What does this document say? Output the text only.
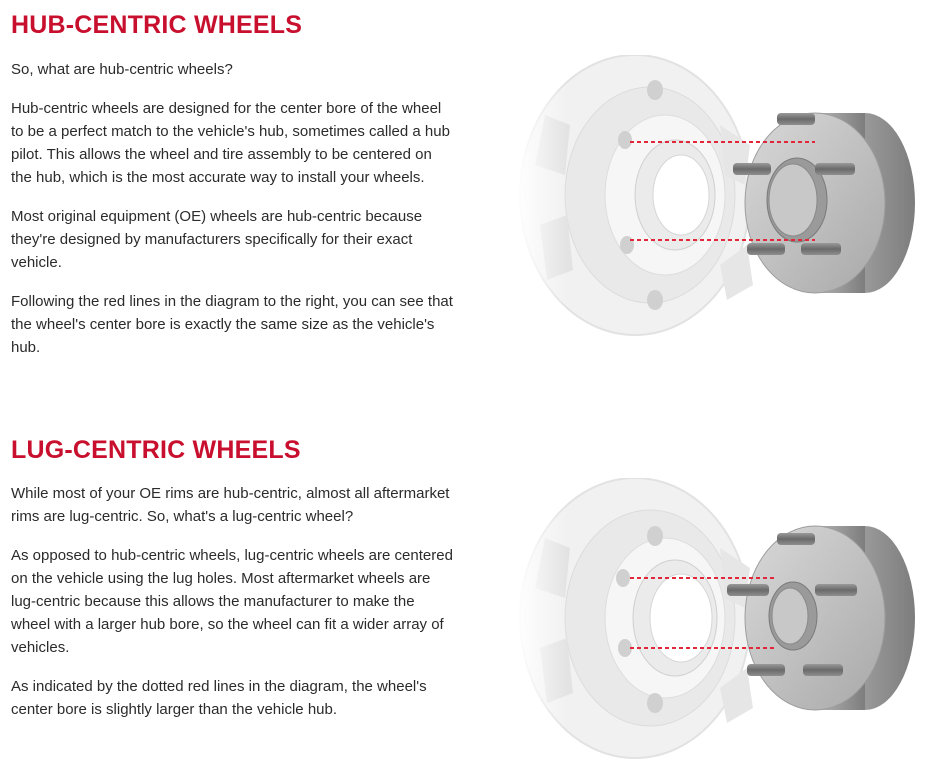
HUB-CENTRIC WHEELS

So, what are hub-centric wheels?

Hub-centric wheels are designed for the center bore of the wheel to be a perfect match to the vehicle's hub, sometimes called a hub pilot. This allows the wheel and tire assembly to be centered on the hub, which is the most accurate way to install your wheels.

Most original equipment (OE) wheels are hub-centric because they're designed by manufacturers specifically for their exact vehicle.

Following the red lines in the diagram to the right, you can see that the wheel's center bore is exactly the same size as the vehicle's hub.

LUG-CENTRIC WHEELS

While most of your OE rims are hub-centric, almost all aftermarket rims are lug-centric. So, what's a lug-centric wheel?

As opposed to hub-centric wheels, lug-centric wheels are centered on the vehicle using the lug holes. Most aftermarket wheels are lug-centric because this allows the manufacturer to make the wheel with a larger hub bore, so the wheel can fit a wider array of vehicles.

As indicated by the dotted red lines in the diagram, the wheel's center bore is slightly larger than the vehicle hub.
